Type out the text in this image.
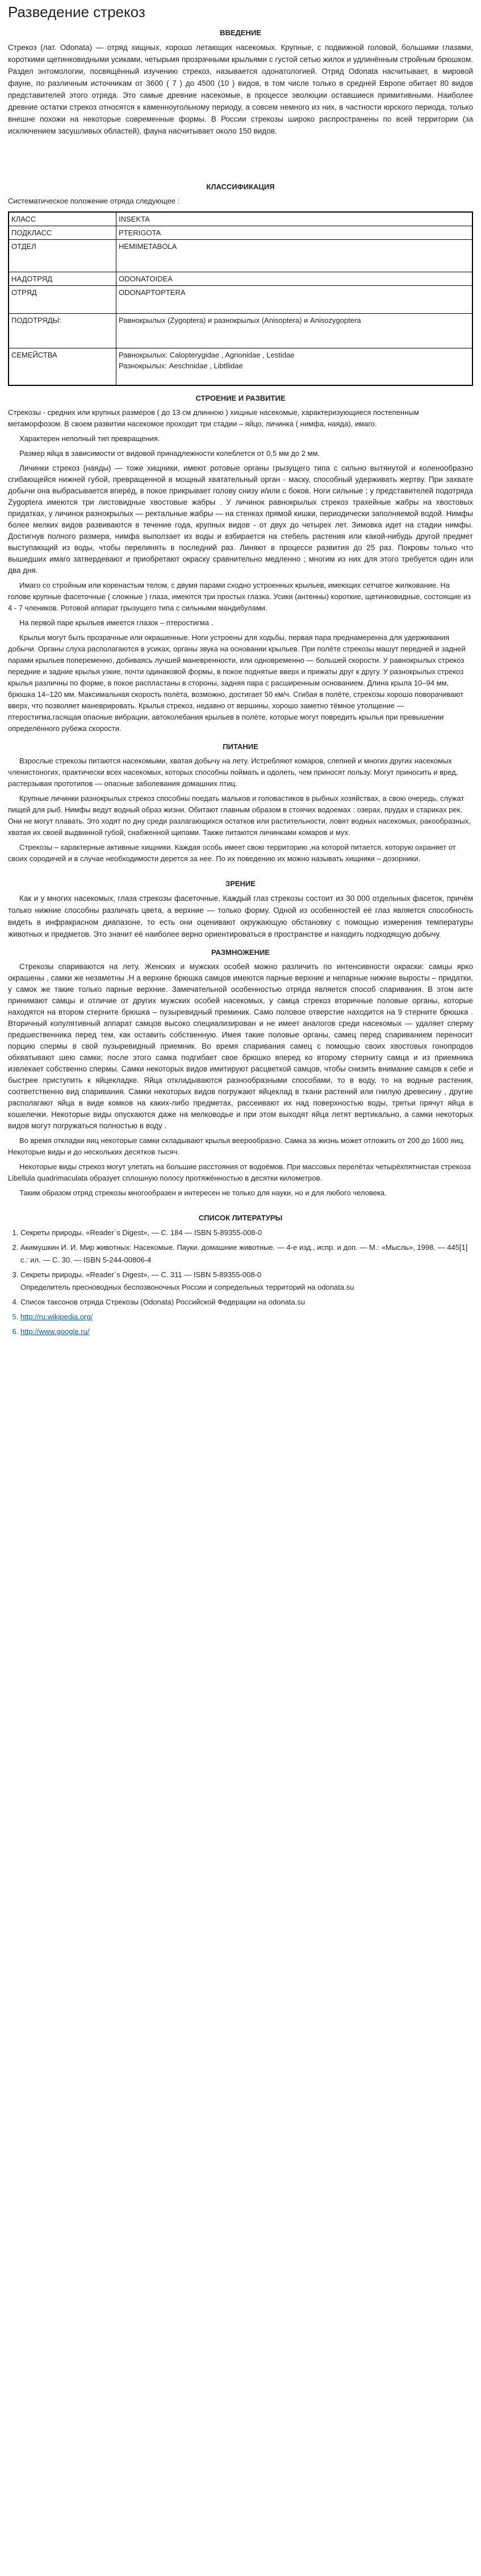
Разведение стрекоз
ВВЕДЕНИЕ

Стрекоз (лат. Odonata) — отряд хищных, хорошо летающих насекомых. Крупные, с подвижной головой, большими глазами, короткими щетинковидными усиками, четырьмя прозрачными крыльями с густой сетью жилок и удлинённым стройным брюшком. Раздел энтомологии, посвящённый изучению стрекоз, называется одонатологией. Отряд Odonata насчитывает, в мировой фауне, по различным источникам от 3600 ( 7 ) до 4500 (10 ) видов, в том числе только в средней Европе обитает 80 видов представителей этого отряда. Это самые древние насекомые, в процессе эволюции оставшиеся примитивными. Наиболее древние остатки стрекоз относятся к каменноугольному периоду, а совсем немного из них, в частности юрского периода, только внешне похожи на некоторые современные формы. В России стрекозы широко распространены по всей территории (за исключением засушливых областей), фауна насчитывает около 150 видов.

КЛАССИФИКАЦИЯ

Систематическое положение отряда следующее :

КЛАСС	INSEKTA
ПОДКЛАСС	PTERIGOTA
ОТДЕЛ	HEMIMETABOLA
НАДОТРЯД	ODONATOIDEA
ОТРЯД	ODONAPTOPTERA
ПОДОТРЯДЫ:	Равнокрылых (Zygoptera) и разнокрылых (Anisoptera) и Anisozygoptera
СЕМЕЙСТВА	Равнокрылых: Calopterygidae , Agrionidae , Lestidae
Разнокрылых: Aeschnidae , Libtllidae
СТРОЕНИЕ И РАЗВИТИЕ

Стрекозы - средних или крупных размеров ( до 13 см длинною ) хищные насекомые, характеризующиеся постепенным метаморфозом. В своем развитии насекомое проходит три стадии – яйцо, личинка ( нимфа, наяда), имаго.

Характерен неполный тип превращения.

Размер яйца в зависимости от видовой принадлежности колеблется от 0,5 мм до 2 мм.

Личинки стрекоз (наяды) — тоже хищники, имеют ротовые органы грызущего типа с сильно вытянутой и коленообразно сгибающейся нижней губой, превращенной в мощный хватательный орган - маску, способный удерживать жертву. При захвате добычи она выбрасывается вперёд, в покое прикрывает голову снизу и/или с боков. Ноги сильные ; у представителей подотряда Zygoptera имеются три листовидные хвостовые жабры . У личинок равнокрылых стрекоз трахейные жабры на хвостовых придатках, у личинок разнокрылых — ректальные жабры — на стенках прямой кишки, периодически заполняемой водой. Нимфы более мелких видов развиваются в течение года, крупных видов - от двух до четырех лет. Зимовка идет на стадии нимфы. Достигнув полного размера, нимфа выползает из воды и взбирается на стебель растения или какой-нибудь другой предмет выступающий из воды, чтобы перелинять в последний раз. Линяют в процессе развития до 25 раз. Покровы только что вышедших имаго затвердевают и приобретают окраску сравнительно медленно ; многим из них для этого требуется один или два дня.

Имаго со стройным или коренастым телом, с двумя парами сходно устроенных крыльев, имеющих сетчатое жилкование. На голове крупные фасеточные ( сложные ) глаза, имеются три простых глазка. Усики (антенны) короткие, щетинковидные, состоящие из 4 - 7 члеников. Ротовой аппарат грызущего типа с сильными мандибулами.

На первой паре крыльев имеется глазок – птеростигма .

Крылья могут быть прозрачные или окрашенные. Ноги устроены для ходьбы, первая пара преднамеренна для удерживания добычи. Органы слуха располагаются в усиках, органы звука на основании крыльев. При полёте стрекозы машут передней и задней парами крыльев попеременно, добиваясь лучшей маневренности, или одновременно — большей скорости. У равнокрылых стрекоз передние и задние крылья узкие, почти одинаковой формы, в покое поднятые вверх и прижаты друг к другу. У разнокрылых стрекоз крылья различны по форме, в покое распластаны в стороны, задняя пара с расширенным основанием. Длина крыла 10–94 мм, брюшка 14–120 мм. Максимальная скорость полёта, возможно, достигает 50 км/ч. Сгибая в полёте, стрекозы хорошо поворачивают вверх, что позволяет маневрировать. Крылья стрекоз, недавно от вершины, хорошо заметно тёмное утолщение — птеростигма,гасящая опасные вибрации, автоколебания крыльев в полёте, которые могут повредить крылья при превышении определённого рубежа скорости.

ПИТАНИЕ

Взрослые стрекозы питаются насекомыми, хватая добычу на лету. Истребляют комаров, слепней и многих других насекомых членистоногих, практически всех насекомых, которых способны поймать и одолеть, чем приносят пользу. Могут приносить и вред, растерзывая прототипов — опасные заболевания домашних птиц.

Крупные личинки разнокрылых стрекоз способны поедать мальков и головастиков в рыбных хозяйствах, а свою очередь, служат пищей для рыб. Нимфы ведут водный образ жизни. Обитают главным образом в стоячих водоемах : озерах, прудах и стариках рек. Они не могут плавать. Это ходят по дну среди разлагающихся остатков или растительности, ловят водных насекомых, ракообразных, хватая их своей выдвинной губой, снабженной щипами. Также питаются личинками комаров и мух.

Стрекозы – характерные активные хищники. Каждая особь имеет свою территорию ,на которой питается, которую охраняет от своих сородичей и в случае необходимости дерется за нее. По их поведению их можно называть хищники – дозорники.

ЗРЕНИЕ

Как и у многих насекомых, глаза стрекозы фасеточные. Каждый глаз стрекозы состоит из 30 000 отдельных фасеток, причём только нижние способны различать цвета, а верхние — только форму. Одной из особенностей её глаз является способность видеть в инфракрасном диапазоне, то есть они оценивают окружающую обстановку с помощью измерения температуры животных и предметов. Это значит её наиболее верно ориентироваться в пространстве и находить подходящую добычу.

РАЗМНОЖЕНИЕ

Стрекозы спариваются на лету. Женских и мужских особей можно различить по интенсивности окраски: самцы ярко окрашены , самки же незаметны .Н а верхине брюшка самцов имеются парные верхние и непарные нижние выросты – придатки, у самок же такие только парные верхние. Замечательной особенностью отряда является способ спаривания. В этом акте принимают самцы и отличие от других мужских особей насекомых, у самца стрекоз вторичные половые органы, которые находятся на втором стерните брюшка – пузыревидный преминик. Само половое отверстие находится на 9 стерните брюшка . Вторичный копулятивный аппарат самцов высоко специализирован и не имеет аналогов среди насекомых — удаляет сперму предшественника перед тем, как оставить собственную. Имея такие половые органы, самец перед спариванием переносит порцию спермы в свой пузыревидный приемник. Во время спаривания самец с помощью своих хвостовых гонопродов обхватывают шею самки; после этого самка подгибает свое брюшко вперед ко второму стерниту самца и из приемника извлекает собственно спермы. Самки некоторых видов имитируют расцветкой самцов, чтобы снизить внимание самцов к себе и быстрее приступить к яйцекладке. Яйца откладываются разнообразными способами, то в воду, то на водные растения, соответственно вид спаривания. Самки некоторых видов погружают яйцеклад в ткани растений или гнилую древесину , другие располагают яйца в виде комков на каких-либо предметах, рассеивают их над поверхностью воды, третьи прячут яйца в кошелечки. Некоторые виды опускаются даже на мелководье и при этом выходят яйца летят вертикально, а самки некоторых видов могут погружаться полностью в воду .

Во время откладки яиц некоторые самки складывают крылья веерообразно. Самка за жизнь может отложить от 200 до 1600 яиц. Некоторые виды и до нескольких десятков тысяч.

Некоторые виды стрекоз могут улетать на большие расстояния от водоёмов. При массовых перелётах четырёхпятнистая стрекоза Libellula quadrimaculata образует сплошную полосу протяжённостью в десятки километров.

Таким образом отряд стрекозы многообразен и интересен не только для науки, но и для любого человека.

СПИСОК ЛИТЕРАТУРЫ
1. Секреты природы. «Reader`s Digest», — С. 184 — ISBN 5-89355-008-0
2. Акимушкин И. И. Мир животных: Насекомые. Пауки. домашние животные. — 4-е изд., испр. и доп. — М.: «Мысль», 1998. — 445[1] с.: ил. — С. 30. — ISBN 5-244-00806-4
3. Секреты природы. «Reader`s Digest», — С. 311 — ISBN 5-89355-008-0
Определитель пресноводных беспозвоночных России и сопредельных территорий на odonata.su
4. Список таксонов отряда Стрекозы (Odonata) Российской Федерации на odonata.su
5. http://ru.wikipedia.org/
6. http://www.google.ru/
